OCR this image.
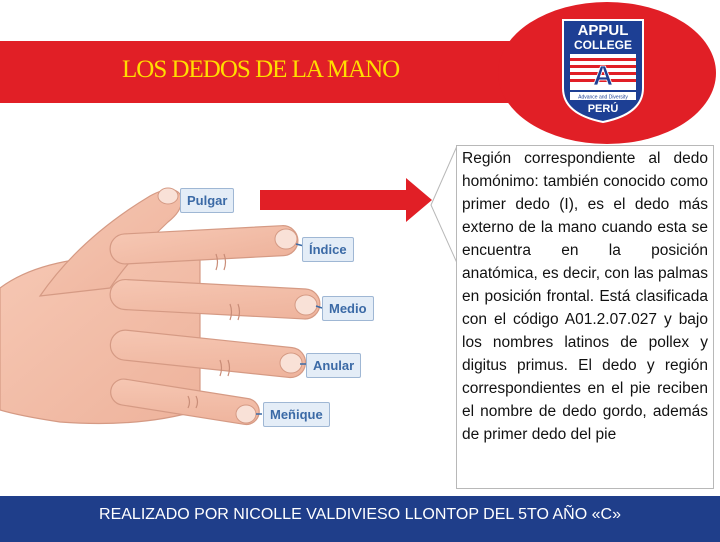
LOS DEDOS DE LA MANO
APPUL
COLLEGE
A
Advance and Diversity
PERÚ
Pulgar
Índice
Medio
Anular
Meñique
Región correspondiente al dedo homónimo: también conocido como primer dedo (I), es el dedo más externo de la mano cuando esta se encuentra en la posición anatómica, es decir, con las palmas en posición frontal. Está clasificada con el código A01.2.07.027 y bajo los nombres latinos de pollex y digitus primus. El dedo y región correspondientes en el pie reciben el nombre de dedo gordo, además de primer dedo del pie
REALIZADO POR NICOLLE VALDIVIESO LLONTOP DEL 5TO AÑO «C»
